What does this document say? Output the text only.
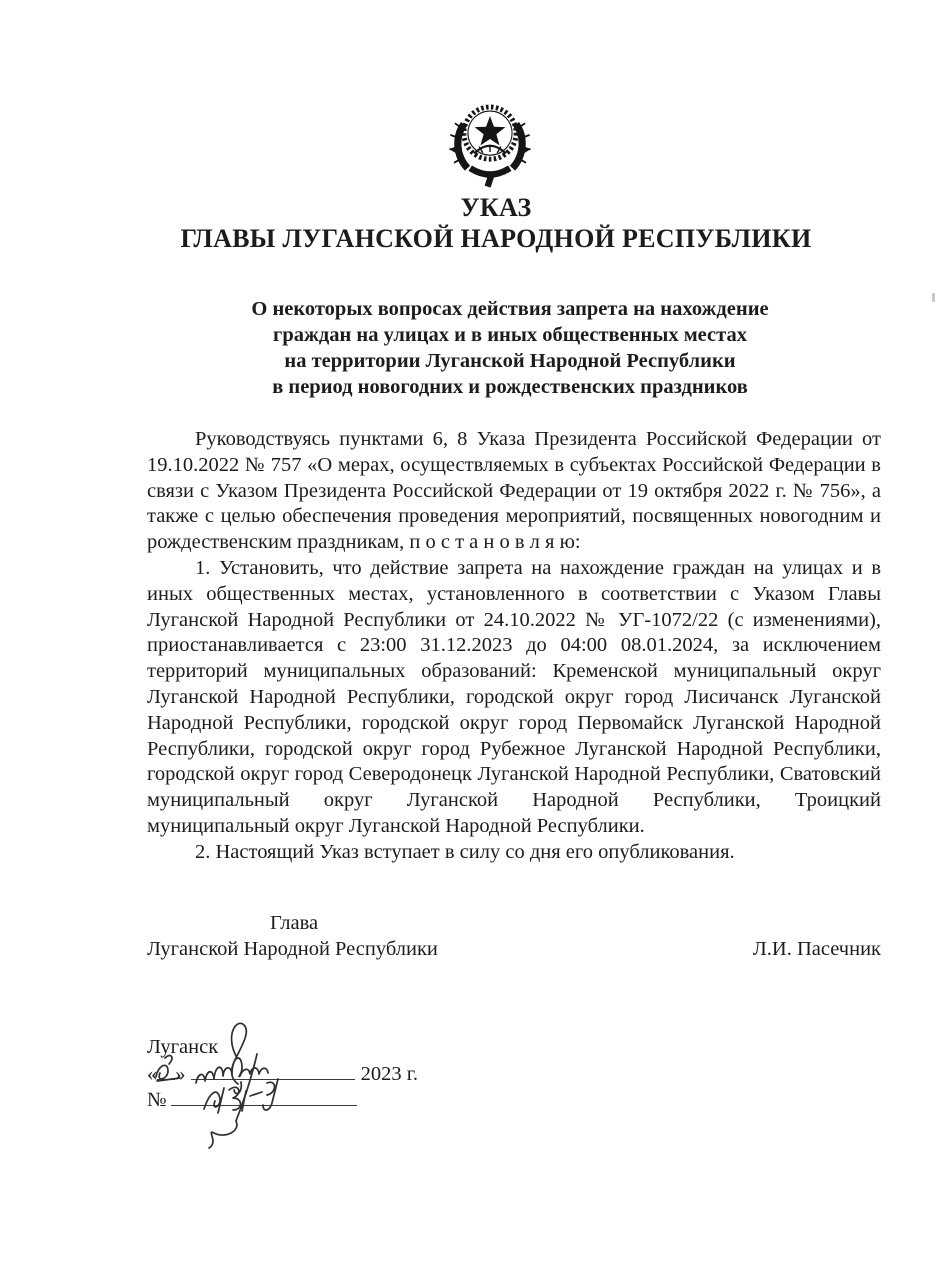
УКАЗ
ГЛАВЫ ЛУГАНСКОЙ НАРОДНОЙ РЕСПУБЛИКИ
О некоторых вопросах действия запрета на нахождение
граждан на улицах и в иных общественных местах
на территории Луганской Народной Республики
в период новогодних и рождественских праздников

Руководствуясь пунктами 6, 8 Указа Президента Российской Федерации от 19.10.2022 № 757 «О мерах, осуществляемых в субъектах Российской Федерации в связи с Указом Президента Российской Федерации от 19 октября 2022 г. № 756», а также с целью обеспечения проведения мероприятий, посвященных новогодним и рождественским праздникам, п о с т а н о в л я ю:

1. Установить, что действие запрета на нахождение граждан на улицах и в иных общественных местах, установленного в соответствии с Указом Главы Луганской Народной Республики от 24.10.2022 № УГ-1072/22 (с изменениями), приостанавливается с 23:00 31.12.2023 до 04:00 08.01.2024, за исключением территорий муниципальных образований: Кременской муниципальный округ Луганской Народной Республики, городской округ город Лисичанск Луганской Народной Республики, городской округ город Первомайск Луганской Народной Республики, городской округ город Рубежное Луганской Народной Республики, городской округ город Северодонецк Луганской Народной Республики, Сватовский муниципальный округ Луганской Народной Республики, Троицкий муниципальный округ Луганской Народной Республики.

2. Настоящий Указ вступает в силу со дня его опубликования.

Глава
Луганской Народной Республики	Л.И. Пасечник
Луганск
« »	2023 г.
№
